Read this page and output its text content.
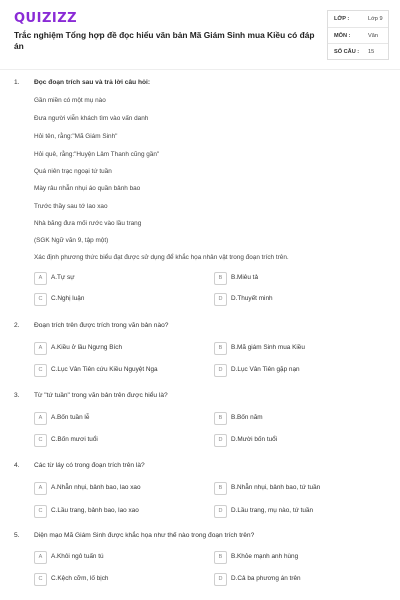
QUIZIZZ
Trắc nghiệm Tổng hợp đề đọc hiểu văn bản Mã Giám Sinh mua Kiều có đáp án
LỚP :	Lớp 9
MÔN :	Văn
SỐ CÂU : 15
1. Đọc đoạn trích sau và trả lời câu hỏi:
Gần miền có một mụ nào
Đưa người viễn khách tìm vào vấn danh
Hỏi tên, rằng:"Mã Giám Sinh"
Hỏi quê, rằng:"Huyện Lâm Thanh cũng gần"
Quá niên trạc ngoại tứ tuần
Mày râu nhẵn nhụi áo quần bảnh bao
Trước thầy sau tớ lao xao
Nhà băng đưa mối rước vào lầu trang
(SGK Ngữ văn 9, tập một)
Xác định phương thức biểu đạt được sử dụng để khắc họa nhân vật trong đoạn trích trên.
A	A.Tự sự	B	B.Miêu tả
C	C.Nghị luận	D	D.Thuyết minh
2. Đoạn trích trên được trích trong văn bản nào?
A	A.Kiều ở lầu Ngưng Bích	B	B.Mã giám Sinh mua Kiều
C	C.Lục Vân Tiên cứu Kiều Nguyệt Nga	D	D.Lục Vân Tiên gặp nạn
3. Từ "tứ tuần" trong văn bản trên được hiểu là?
A	A.Bốn tuần lễ	B	B.Bốn năm
C	C.Bốn mươi tuổi	D	D.Mười bốn tuổi
4. Các từ láy có trong đoạn trích trên là?
A	A.Nhẵn nhụi, bảnh bao, lao xao	B	B.Nhẵn nhụi, bảnh bao, tứ tuần
C	C.Lầu trang, bảnh bao, lao xao	D	D.Lầu trang, mụ nào, tứ tuần
5. Diện mạo Mã Giám Sinh được khắc họa như thế nào trong đoạn trích trên?
A	A.Khôi ngô tuấn tú	B	B.Khỏe mạnh anh hùng
C	C.Kệch cỡm, lố bịch	D	D.Cả ba phương án trên
